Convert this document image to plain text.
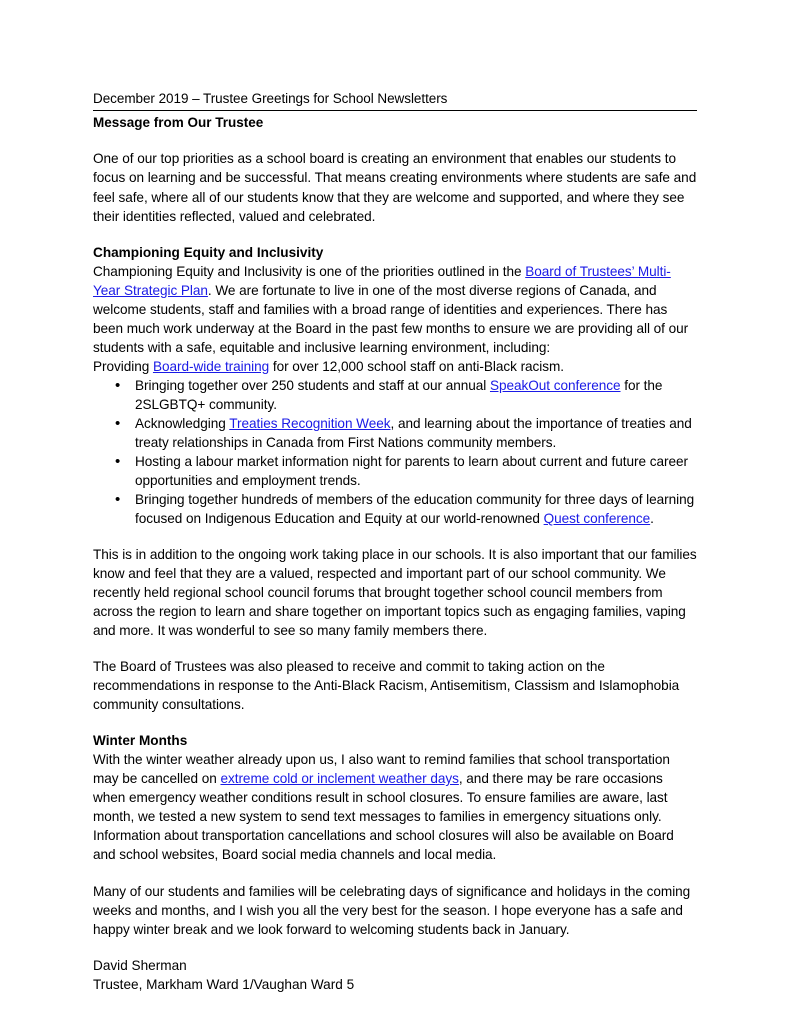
December 2019 – Trustee Greetings for School Newsletters
Message from Our Trustee

One of our top priorities as a school board is creating an environment that enables our students to focus on learning and be successful. That means creating environments where students are safe and feel safe, where all of our students know that they are welcome and supported, and where they see their identities reflected, valued and celebrated.

Championing Equity and Inclusivity

Championing Equity and Inclusivity is one of the priorities outlined in the Board of Trustees’ Multi-Year Strategic Plan. We are fortunate to live in one of the most diverse regions of Canada, and welcome students, staff and families with a broad range of identities and experiences. There has been much work underway at the Board in the past few months to ensure we are providing all of our students with a safe, equitable and inclusive learning environment, including:

Providing Board-wide training for over 12,000 school staff on anti-Black racism.

• Bringing together over 250 students and staff at our annual SpeakOut conference for the 2SLGBTQ+ community.
• Acknowledging Treaties Recognition Week, and learning about the importance of treaties and treaty relationships in Canada from First Nations community members.
• Hosting a labour market information night for parents to learn about current and future career opportunities and employment trends.
• Bringing together hundreds of members of the education community for three days of learning focused on Indigenous Education and Equity at our world-renowned Quest conference.

This is in addition to the ongoing work taking place in our schools. It is also important that our families know and feel that they are a valued, respected and important part of our school community. We recently held regional school council forums that brought together school council members from across the region to learn and share together on important topics such as engaging families, vaping and more. It was wonderful to see so many family members there.

The Board of Trustees was also pleased to receive and commit to taking action on the recommendations in response to the Anti-Black Racism, Antisemitism, Classism and Islamophobia community consultations.

Winter Months

With the winter weather already upon us, I also want to remind families that school transportation may be cancelled on extreme cold or inclement weather days, and there may be rare occasions when emergency weather conditions result in school closures. To ensure families are aware, last month, we tested a new system to send text messages to families in emergency situations only. Information about transportation cancellations and school closures will also be available on Board and school websites, Board social media channels and local media.

Many of our students and families will be celebrating days of significance and holidays in the coming weeks and months, and I wish you all the very best for the season. I hope everyone has a safe and happy winter break and we look forward to welcoming students back in January.

David Sherman
Trustee, Markham Ward 1/Vaughan Ward 5
